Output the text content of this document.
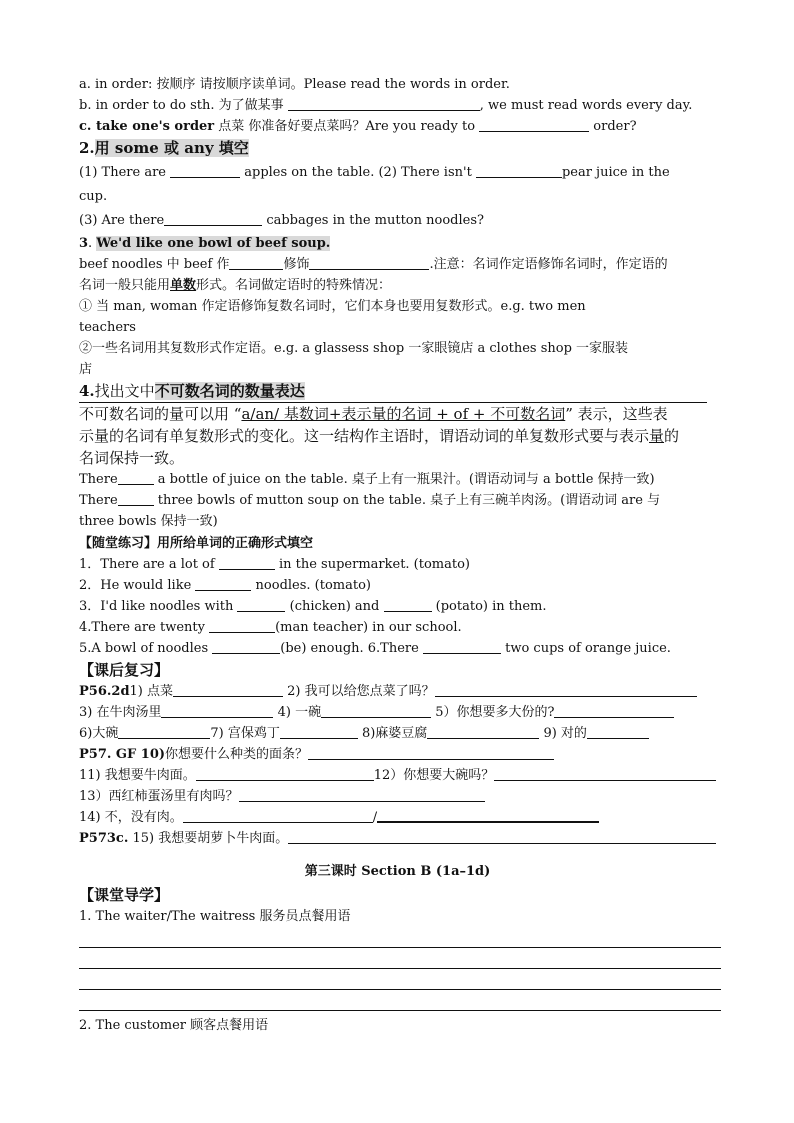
a. in order: 按顺序 请按顺序读单词。Please read the words in order.
b. in order to do sth. 为了做某事	, we must read words every day.
c. take one's order 点菜 你准备好要点菜吗？Are you ready to	order?
2.用 some 或 any 填空
(1) There are	apples on the table. (2) There isn't	pear juice in the
cup.
(3) Are there	cabbages in the mutton noodles?
3. We'd like one bowl of beef soup.
beef noodles 中 beef 作	修饰	.注意：名词作定语修饰名词时，作定语的
名词一般只能用单数形式。名词做定语时的特殊情况：
① 当 man, woman 作定语修饰复数名词时，它们本身也要用复数形式。e.g. two men
teachers
②一些名词用其复数形式作定语。e.g. a glassess shop 一家眼镜店 a clothes shop 一家服装
店
4.找出文中不可数名词的数量表达
不可数名词的量可以用 “a/an/ 基数词+表示量的名词 + of + 不可数名词” 表示，这些表
示量的名词有单复数形式的变化。这一结构作主语时，谓语动词的单复数形式要与表示量的
名词保持一致。
There	a bottle of juice on the table. 桌子上有一瓶果汁。(谓语动词与 a bottle 保持一致)
There	three bowls of mutton soup on the table. 桌子上有三碗羊肉汤。(谓语动词 are 与
three bowls 保持一致)
【随堂练习】用所给单词的正确形式填空
1．There are a lot of	in the supermarket. (tomato)
2．He would like	noodles. (tomato)
3．I'd like noodles with	(chicken) and	(potato) in them.
4.There are twenty	(man teacher) in our school.
5.A bowl of noodles	(be) enough. 6.There	two cups of orange juice.
【课后复习】
P56.2d1) 点菜	2) 我可以给您点菜了吗？
3) 在牛肉汤里	4) 一碗	5）你想要多大份的?
6)大碗	7) 宫保鸡丁	8)麻婆豆腐	9) 对的
P57. GF 10)你想要什么种类的面条？
11) 我想要牛肉面。	12）你想要大碗吗？
13）西红柿蛋汤里有肉吗？
14) 不，没有肉。	/
P573c. 15) 我想要胡萝卜牛肉面。
第三课时 Section B (1a–1d)
【课堂导学】
1. The waiter/The waitress 服务员点餐用语
2. The customer 顾客点餐用语
